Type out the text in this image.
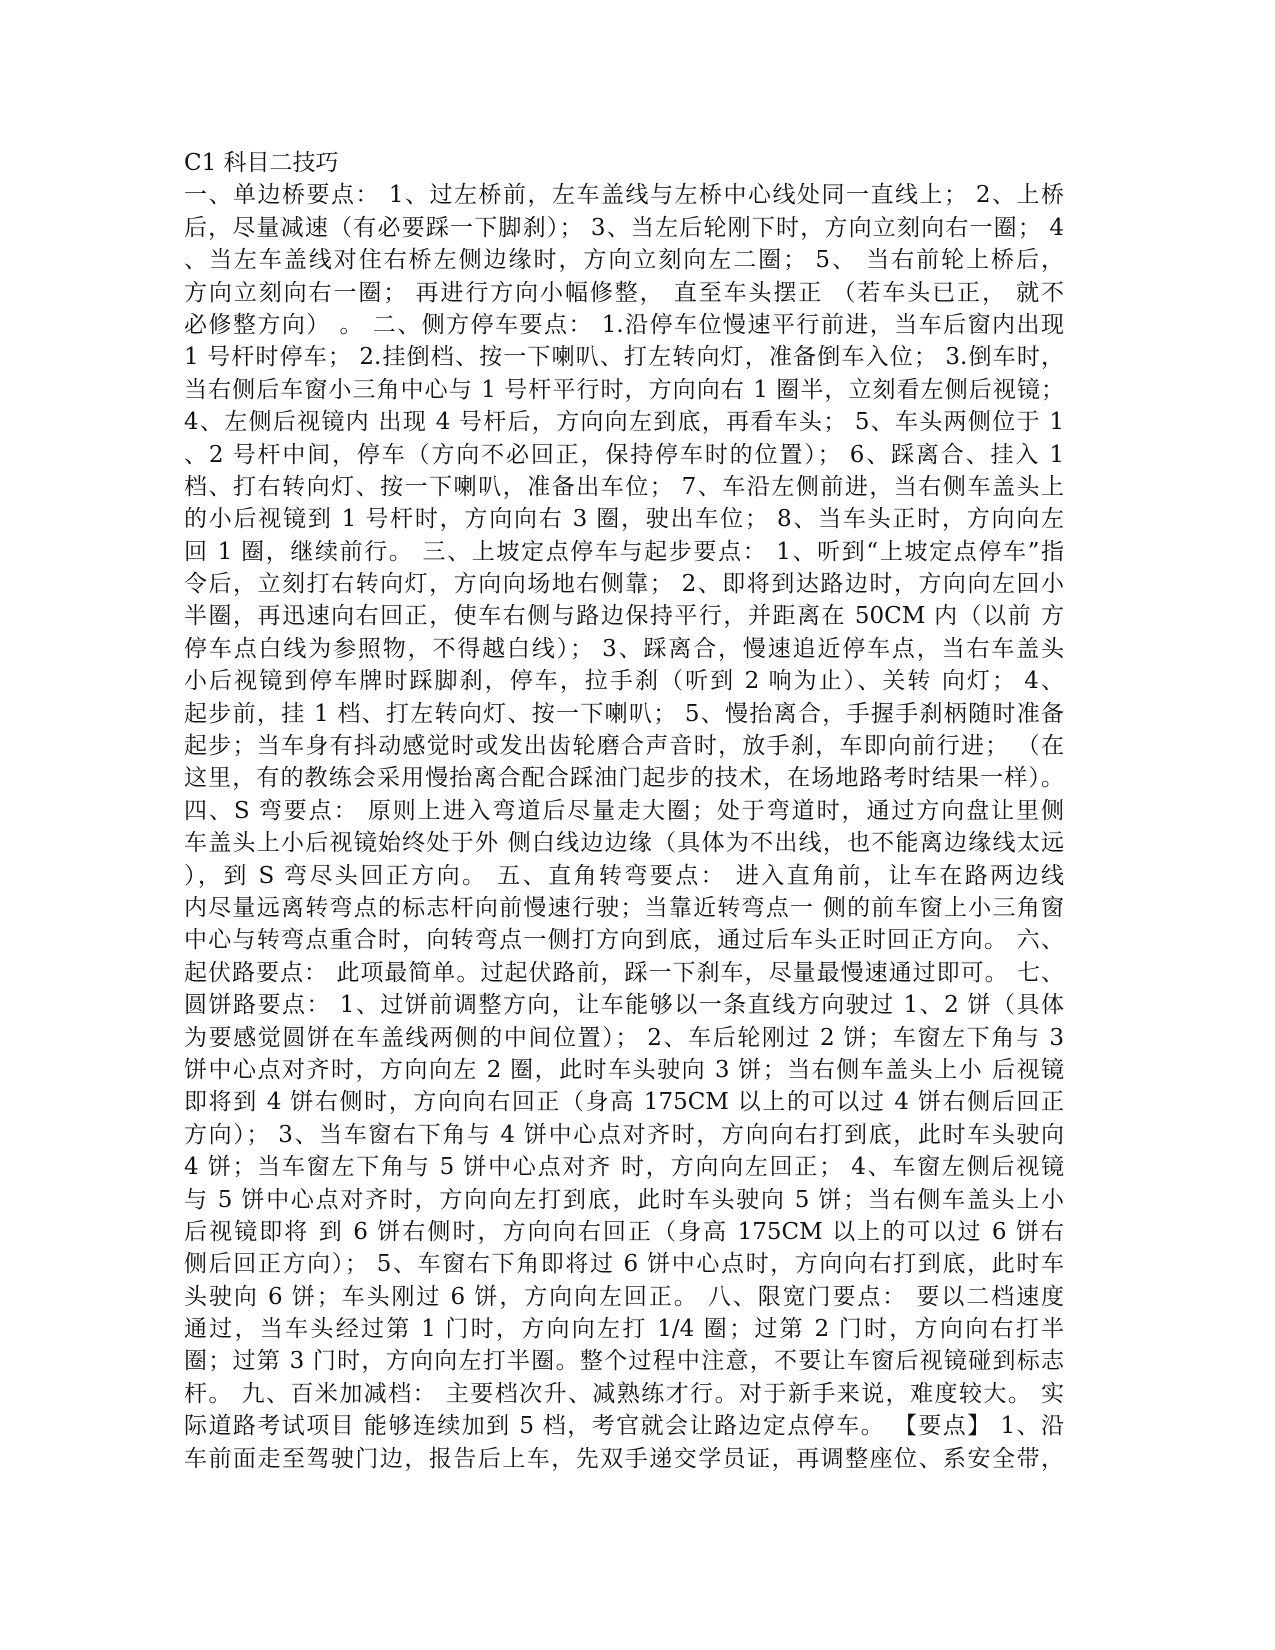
C1 科目二技巧
一、单边桥要点： 1、过左桥前，左车盖线与左桥中心线处同一直线上； 2、上桥
后，尽量减速（有必要踩一下脚刹）； 3、当左后轮刚下时，方向立刻向右一圈； 4
、当左车盖线对住右桥左侧边缘时，方向立刻向左二圈； 5、 当右前轮上桥后，
方向立刻向右一圈； 再进行方向小幅修整， 直至车头摆正 （若车头已正， 就不
必修整方向） 。 二、侧方停车要点： 1.沿停车位慢速平行前进，当车后窗内出现
1 号杆时停车； 2.挂倒档、按一下喇叭、打左转向灯，准备倒车入位； 3.倒车时，
当右侧后车窗小三角中心与 1 号杆平行时，方向向右 1 圈半，立刻看左侧后视镜；
4、左侧后视镜内 出现 4 号杆后，方向向左到底，再看车头； 5、车头两侧位于 1
、2 号杆中间，停车（方向不必回正，保持停车时的位置）； 6、踩离合、挂入 1
档、打右转向灯、按一下喇叭，准备出车位； 7、车沿左侧前进，当右侧车盖头上
的小后视镜到 1 号杆时，方向向右 3 圈，驶出车位； 8、当车头正时，方向向左
回 1 圈，继续前行。 三、上坡定点停车与起步要点： 1、听到“上坡定点停车”指
令后，立刻打右转向灯，方向向场地右侧靠； 2、即将到达路边时，方向向左回小
半圈，再迅速向右回正，使车右侧与路边保持平行，并距离在 50CM 内（以前 方
停车点白线为参照物，不得越白线）； 3、踩离合，慢速追近停车点，当右车盖头
小后视镜到停车牌时踩脚刹，停车，拉手刹（听到 2 响为止）、关转 向灯； 4、
起步前，挂 1 档、打左转向灯、按一下喇叭； 5、慢抬离合，手握手刹柄随时准备
起步；当车身有抖动感觉时或发出齿轮磨合声音时，放手刹，车即向前行进； （在
这里，有的教练会采用慢抬离合配合踩油门起步的技术，在场地路考时结果一样）。
四、S 弯要点： 原则上进入弯道后尽量走大圈；处于弯道时，通过方向盘让里侧
车盖头上小后视镜始终处于外 侧白线边边缘（具体为不出线，也不能离边缘线太远
），到 S 弯尽头回正方向。 五、直角转弯要点： 进入直角前，让车在路两边线
内尽量远离转弯点的标志杆向前慢速行驶；当靠近转弯点一 侧的前车窗上小三角窗
中心与转弯点重合时，向转弯点一侧打方向到底，通过后车头正时回正方向。 六、
起伏路要点： 此项最简单。过起伏路前，踩一下刹车，尽量最慢速通过即可。 七、
圆饼路要点： 1、过饼前调整方向，让车能够以一条直线方向驶过 1、2 饼（具体
为要感觉圆饼在车盖线两侧的中间位置）； 2、车后轮刚过 2 饼；车窗左下角与 3
饼中心点对齐时，方向向左 2 圈，此时车头驶向 3 饼；当右侧车盖头上小 后视镜
即将到 4 饼右侧时，方向向右回正（身高 175CM 以上的可以过 4 饼右侧后回正
方向）； 3、当车窗右下角与 4 饼中心点对齐时，方向向右打到底，此时车头驶向
4 饼；当车窗左下角与 5 饼中心点对齐 时，方向向左回正； 4、车窗左侧后视镜
与 5 饼中心点对齐时，方向向左打到底，此时车头驶向 5 饼；当右侧车盖头上小
后视镜即将 到 6 饼右侧时，方向向右回正（身高 175CM 以上的可以过 6 饼右
侧后回正方向）； 5、车窗右下角即将过 6 饼中心点时，方向向右打到底，此时车
头驶向 6 饼；车头刚过 6 饼，方向向左回正。 八、限宽门要点： 要以二档速度
通过，当车头经过第 1 门时，方向向左打 1/4 圈；过第 2 门时，方向向右打半
圈；过第 3 门时，方向向左打半圈。整个过程中注意，不要让车窗后视镜碰到标志
杆。 九、百米加减档： 主要档次升、减熟练才行。对于新手来说，难度较大。 实
际道路考试项目 能够连续加到 5 档，考官就会让路边定点停车。 【要点】 1、沿
车前面走至驾驶门边，报告后上车，先双手递交学员证，再调整座位、系安全带，
